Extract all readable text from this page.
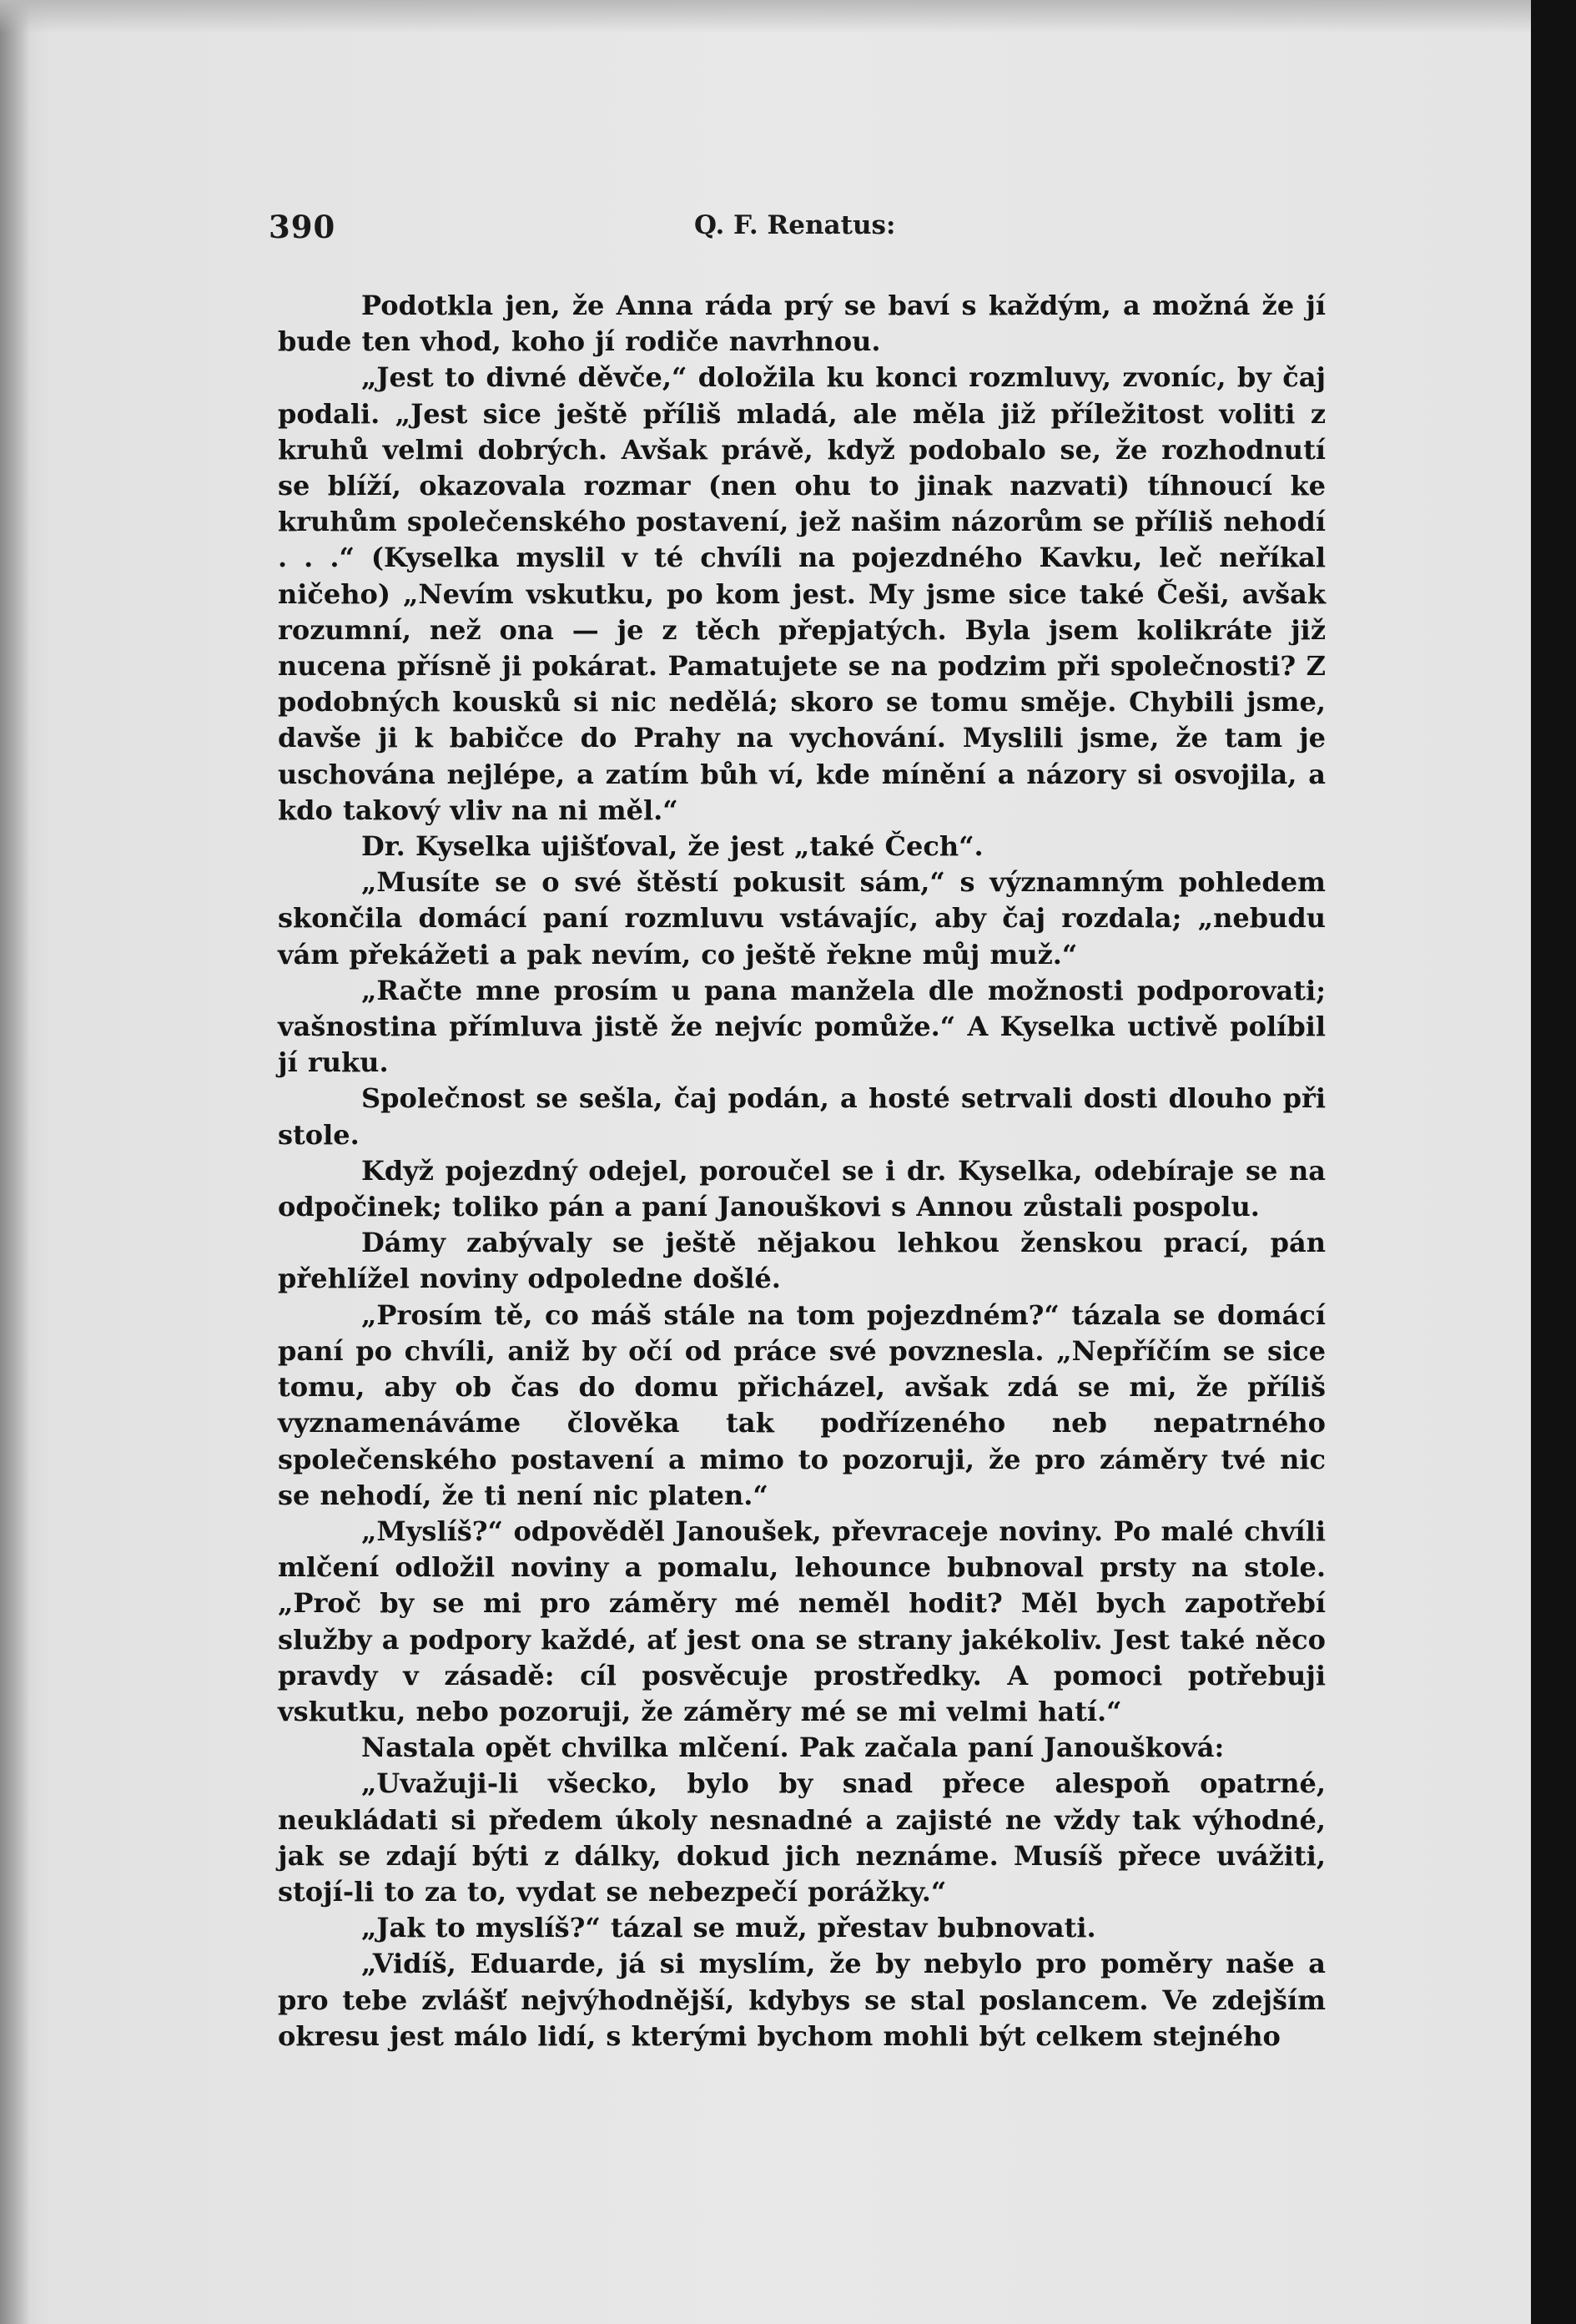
390	Q. F. Renatus:

Podotkla jen, že Anna ráda prý se baví s každým, a možná že jí bude ten vhod, koho jí rodiče navrhnou.

„Jest to divné děvče,“ doložila ku konci rozmluvy, zvoníc, by čaj podali. „Jest sice ještě příliš mladá, ale měla již příležitost voliti z kruhů velmi dobrých. Avšak právě, když podobalo se, že rozhodnutí se blíží, okazovala rozmar (nen ohu to jinak nazvati) tíhnoucí ke kruhům společenského postavení, jež našim názorům se příliš nehodí . . .“ (Kyselka myslil v té chvíli na pojezdného Kavku, leč neříkal ničeho) „Nevím vskutku, po kom jest. My jsme sice také Češi, avšak rozumní, než ona — je z těch přepjatých. Byla jsem kolikráte již nucena přísně ji pokárat. Pamatujete se na podzim při společnosti? Z podobných kousků si nic nedělá; skoro se tomu směje. Chybili jsme, davše ji k babičce do Prahy na vychování. Myslili jsme, že tam je uschována nejlépe, a zatím bůh ví, kde mínění a názory si osvojila, a kdo takový vliv na ni měl.“

Dr. Kyselka ujišťoval, že jest „také Čech“.

„Musíte se o své štěstí pokusit sám,“ s významným pohledem skončila domácí paní rozmluvu vstávajíc, aby čaj rozdala; „nebudu vám překážeti a pak nevím, co ještě řekne můj muž.“

„Račte mne prosím u pana manžela dle možnosti podporovati; vašnostina přímluva jistě že nejvíc pomůže.“ A Kyselka uctivě políbil jí ruku.

Společnost se sešla, čaj podán, a hosté setrvali dosti dlouho při stole.

Když pojezdný odejel, poroučel se i dr. Kyselka, odebíraje se na odpočinek; toliko pán a paní Janouškovi s Annou zůstali pospolu.

Dámy zabývaly se ještě nějakou lehkou ženskou prací, pán přehlížel noviny odpoledne došlé.

„Prosím tě, co máš stále na tom pojezdném?“ tázala se domácí paní po chvíli, aniž by očí od práce své povznesla. „Nepříčím se sice tomu, aby ob čas do domu přicházel, avšak zdá se mi, že příliš vyznamenáváme člověka tak podřízeného neb nepatrného společenského postavení a mimo to pozoruji, že pro záměry tvé nic se nehodí, že ti není nic platen.“

„Myslíš?“ odpověděl Janoušek, převraceje noviny. Po malé chvíli mlčení odložil noviny a pomalu, lehounce bubnoval prsty na stole. „Proč by se mi pro záměry mé neměl hodit? Měl bych zapotřebí služby a podpory každé, ať jest ona se strany jakékoliv. Jest také něco pravdy v zásadě: cíl posvěcuje prostředky. A pomoci potřebuji vskutku, nebo pozoruji, že záměry mé se mi velmi hatí.“

Nastala opět chvilka mlčení. Pak začala paní Janoušková:

„Uvažuji-li všecko, bylo by snad přece alespoň opatrné, neukládati si předem úkoly nesnadné a zajisté ne vždy tak výhodné, jak se zdají býti z dálky, dokud jich neznáme. Musíš přece uvážiti, stojí-li to za to, vydat se nebezpečí porážky.“

„Jak to myslíš?“ tázal se muž, přestav bubnovati.

„Vidíš, Eduarde, já si myslím, že by nebylo pro poměry naše a pro tebe zvlášť nejvýhodnější, kdybys se stal poslancem. Ve zdejším okresu jest málo lidí, s kterými bychom mohli být celkem stejného
